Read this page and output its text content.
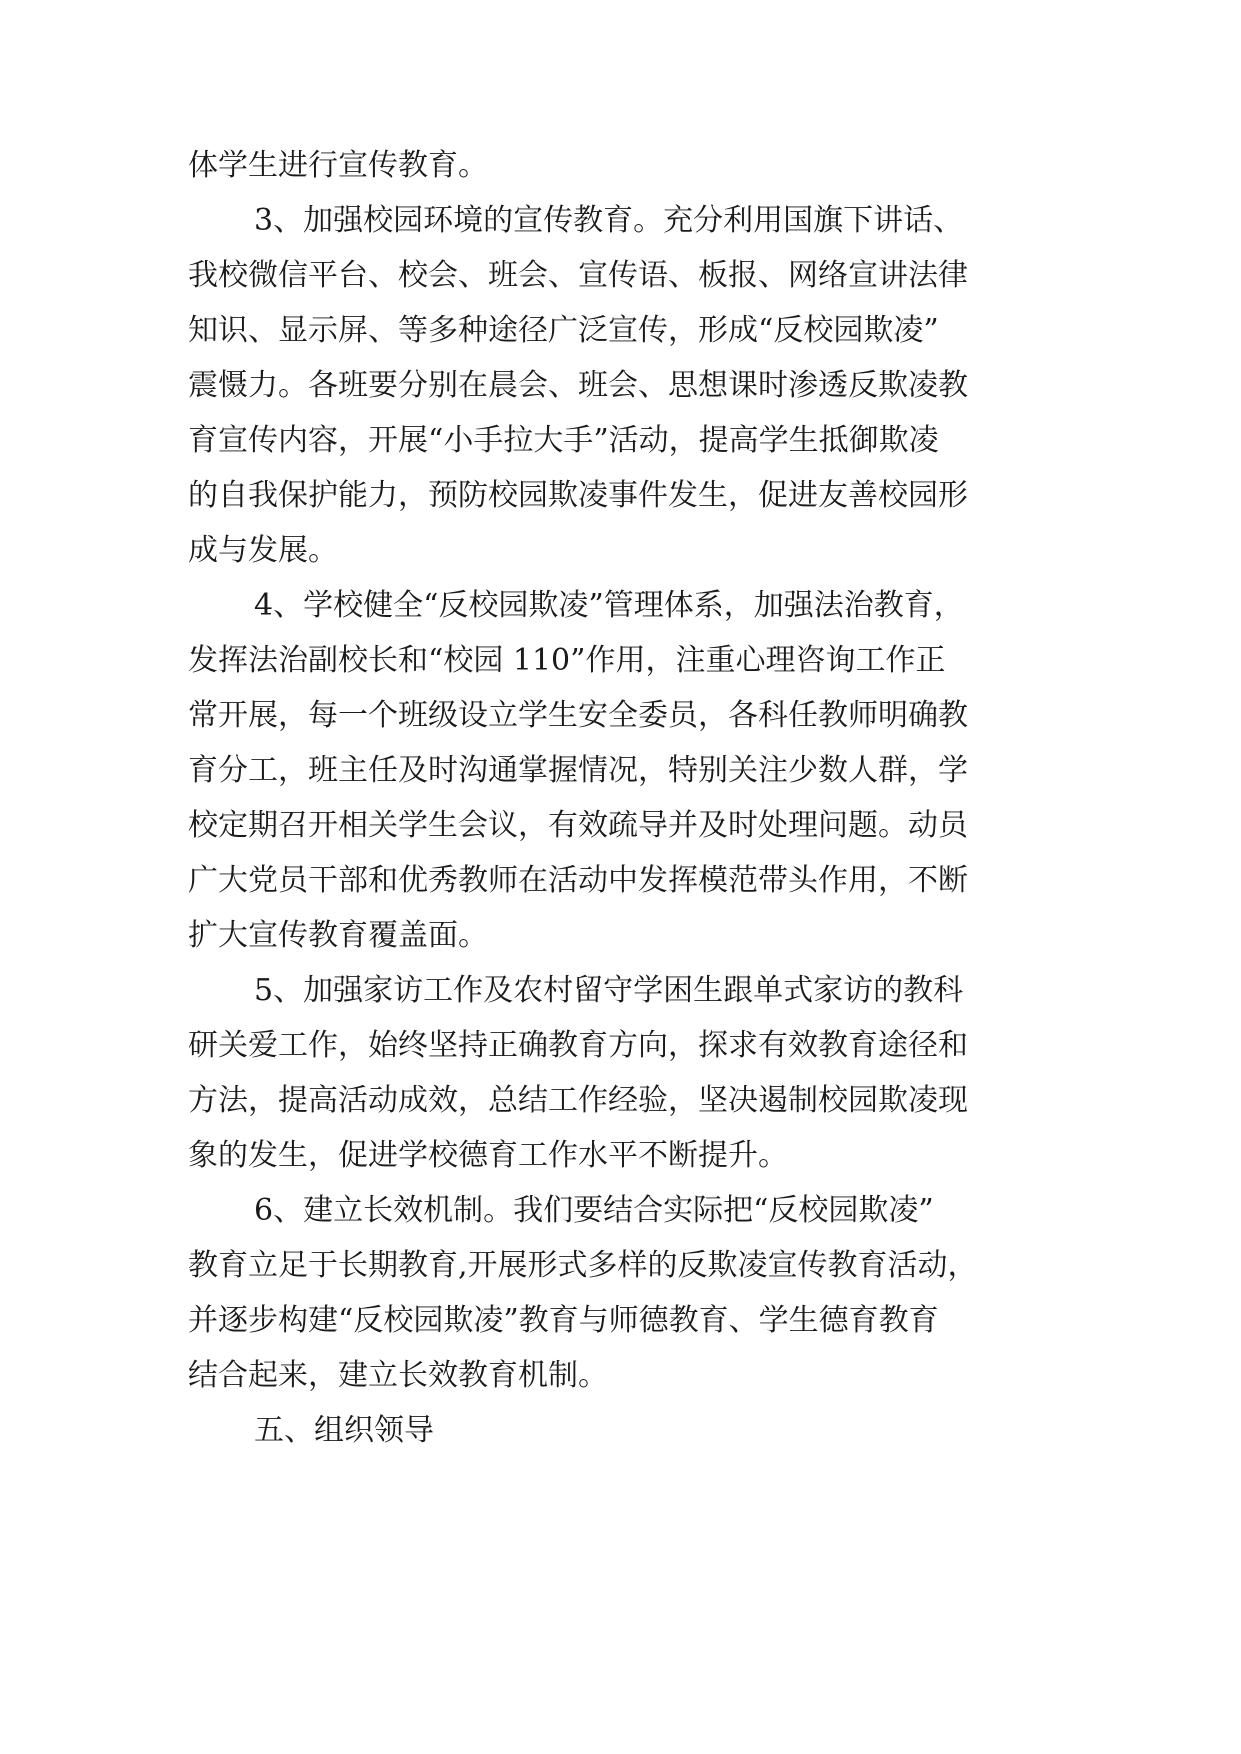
体学生进行宣传教育。
3、加强校园环境的宣传教育。充分利用国旗下讲话、
我校微信平台、校会、班会、宣传语、板报、网络宣讲法律
知识、显示屏、等多种途径广泛宣传，形成“反校园欺凌”
震慑力。各班要分别在晨会、班会、思想课时渗透反欺凌教
育宣传内容，开展“小手拉大手”活动，提高学生抵御欺凌
的自我保护能力，预防校园欺凌事件发生，促进友善校园形
成与发展。
4、学校健全“反校园欺凌”管理体系，加强法治教育，
发挥法治副校长和“校园 110”作用，注重心理咨询工作正
常开展，每一个班级设立学生安全委员，各科任教师明确教
育分工，班主任及时沟通掌握情况，特别关注少数人群，学
校定期召开相关学生会议，有效疏导并及时处理问题。动员
广大党员干部和优秀教师在活动中发挥模范带头作用，不断
扩大宣传教育覆盖面。
5、加强家访工作及农村留守学困生跟单式家访的教科
研关爱工作，始终坚持正确教育方向，探求有效教育途径和
方法，提高活动成效，总结工作经验，坚决遏制校园欺凌现
象的发生，促进学校德育工作水平不断提升。
6、建立长效机制。我们要结合实际把“反校园欺凌”
教育立足于长期教育,开展形式多样的反欺凌宣传教育活动，
并逐步构建“反校园欺凌”教育与师德教育、学生德育教育
结合起来，建立长效教育机制。
五、组织领导
